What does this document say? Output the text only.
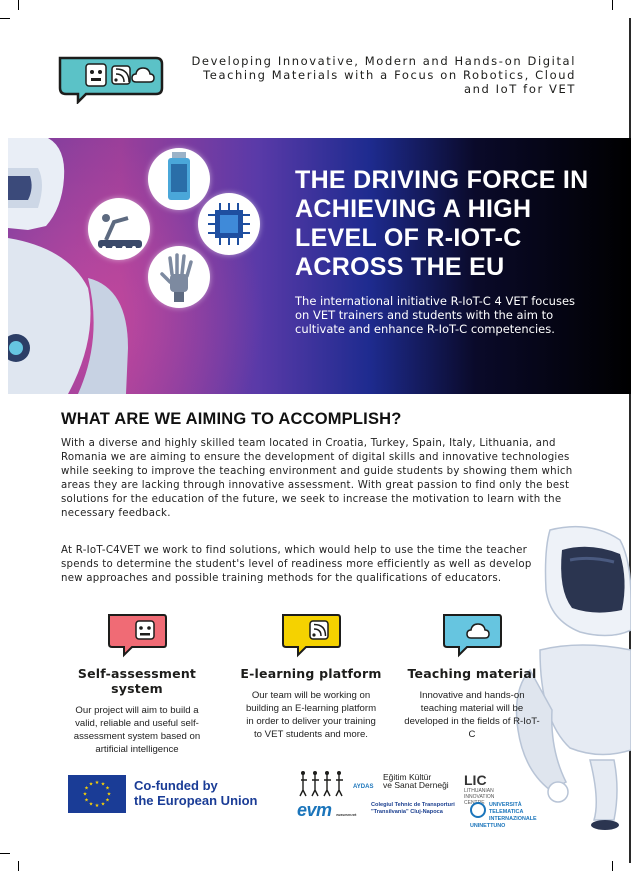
Developing Innovative, Modern and Hands-on Digital Teaching Materials with a Focus on Robotics, Cloud and IoT for VET
THE DRIVING FORCE IN ACHIEVING A HIGH LEVEL OF R-IOT-C ACROSS THE EU
The international initiative R-IoT-C 4 VET focuses on VET trainers and students with the aim to cultivate and enhance R-IoT-C competencies.
WHAT ARE WE AIMING TO ACCOMPLISH?
With a diverse and highly skilled team located in Croatia, Turkey, Spain, Italy, Lithuania, and Romania we are aiming to ensure the development of digital skills and innovative technologies while seeking to improve the teaching environment and guide students by showing them which areas they are lacking through innovative assessment. With great passion to find only the best solutions for the education of the future, we seek to increase the motivation to learn with the necessary feedback.
At R-IoT-C4VET we work to find solutions, which would help to use the time the teacher spends to determine the student's level of readiness more efficiently as well as develop new approaches and possible training methods for the qualifications of educators.
Self-assessment system
Our project will aim to build a valid, reliable and useful self-assessment system based on artificial intelligence
E-learning platform
Our team will be working on building an E-learning platform in order to deliver your training to VET students and more.
Teaching material
Innovative and hands-on teaching material will be developed in the fields of R-IoT-C
★ ★
★
★
★
★
★
★
★
★
★
★	Co-funded by
the European Union
Eğitim Kültür
ve Sanat Derneği
AYDAS	LIC
LITHUANIAN
INNOVATION
CENTRE
evm www.evm.net
Colegiul Tehnic de Transporturi
"Transilvania" Cluj-Napoca
UNIVERSITÀ TELEMATICA
INTERNAZIONALE UNINETTUNO
